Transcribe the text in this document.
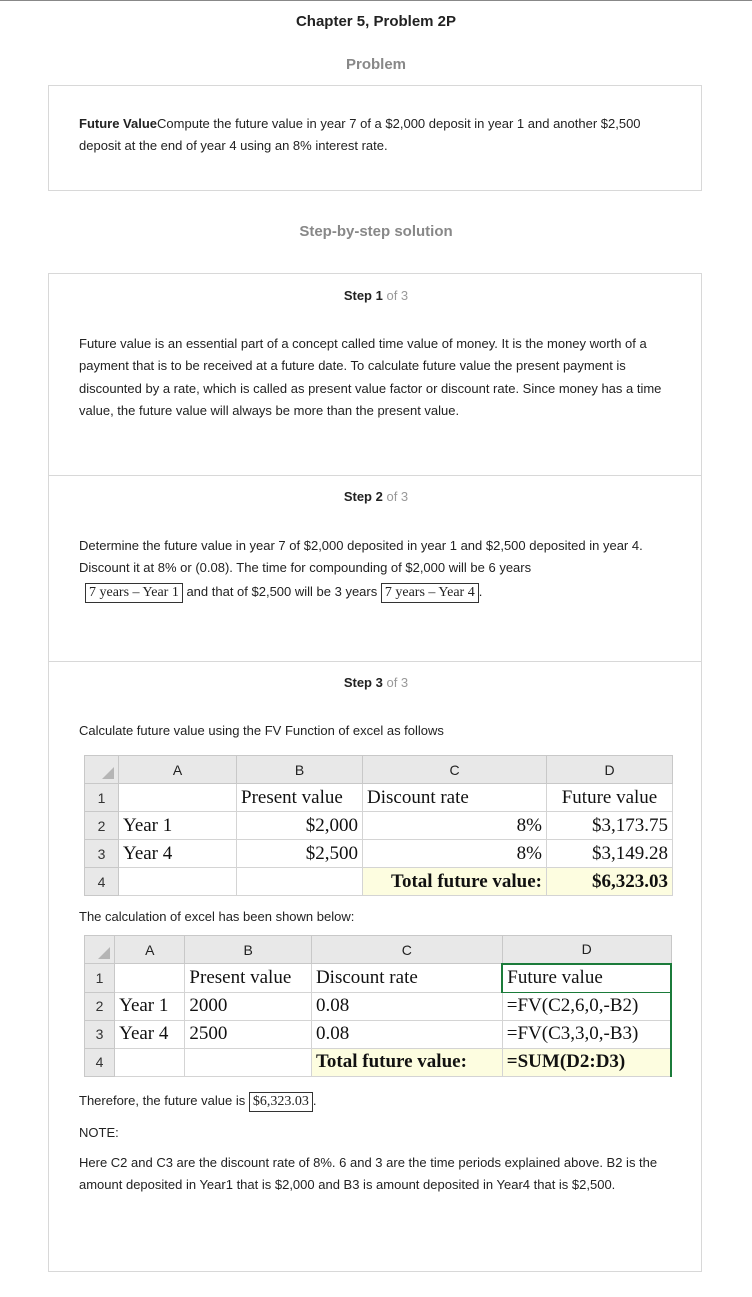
Chapter 5, Problem 2P
Problem
Future ValueCompute the future value in year 7 of a $2,000 deposit in year 1 and another $2,500 deposit at the end of year 4 using an 8% interest rate.
Step-by-step solution
Step 1 of 3
Future value is an essential part of a concept called time value of money. It is the money worth of a payment that is to be received at a future date. To calculate future value the present payment is discounted by a rate, which is called as present value factor or discount rate. Since money has a time value, the future value will always be more than the present value.
Step 2 of 3
Determine the future value in year 7 of $2,000 deposited in year 1 and $2,500 deposited in year 4. Discount it at 8% or (0.08). The time for compounding of $2,000 will be 6 years
7 years – Year 1 and that of $2,500 will be 3 years 7 years – Year 4 .
Step 3 of 3
Calculate future value using the FV Function of excel as follows
	A	B	C	D
1		Present value	Discount rate	Future value
2	Year 1	$2,000	8%	$3,173.75
3	Year 4	$2,500	8%	$3,149.28
4			Total future value:	$6,323.03
The calculation of excel has been shown below:
	A	B	C	D
1		Present value	Discount rate	Future value
2	Year 1	2000	0.08	=FV(C2,6,0,-B2)
3	Year 4	2500	0.08	=FV(C3,3,0,-B3)
4			Total future value:	=SUM(D2:D3)
Therefore, the future value is $6,323.03 .
NOTE:
Here C2 and C3 are the discount rate of 8%. 6 and 3 are the time periods explained above. B2 is the amount deposited in Year1 that is $2,000 and B3 is amount deposited in Year4 that is $2,500.
